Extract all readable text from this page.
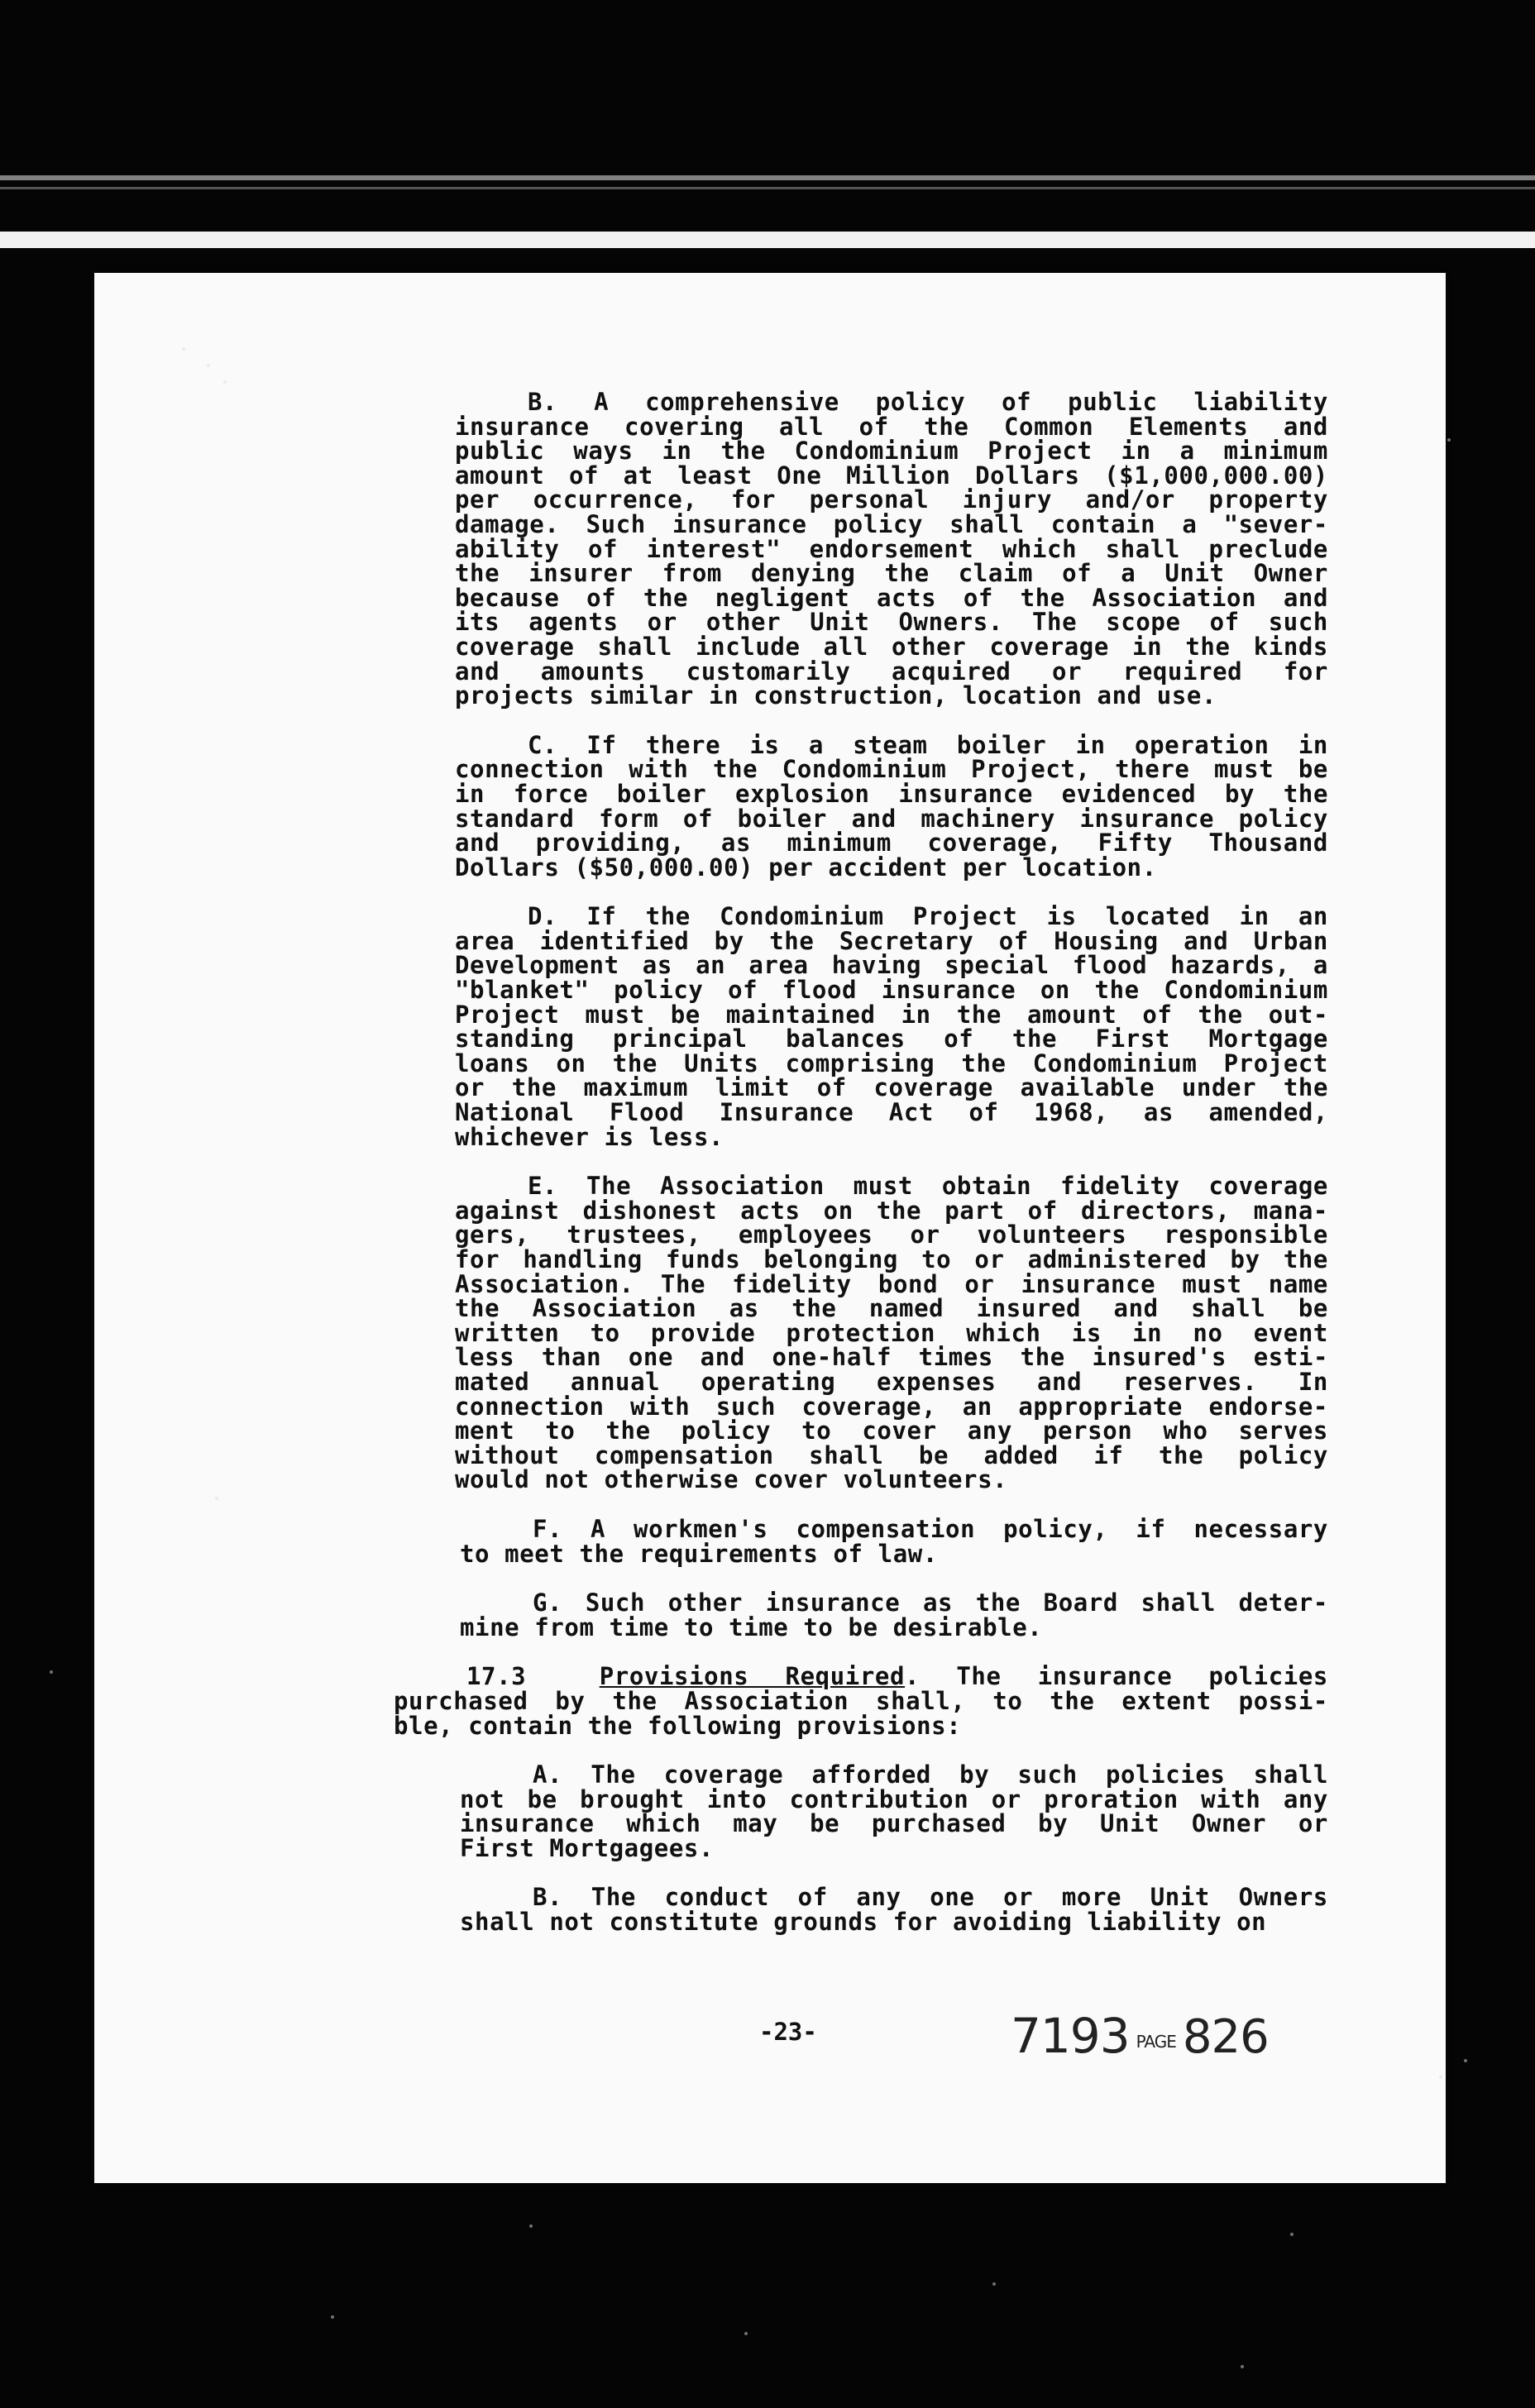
B. A comprehensive policy of public liability
insurance covering all of the Common Elements and
public ways in the Condominium Project in a minimum
amount of at least One Million Dollars ($1,000,000.00)
per occurrence, for personal injury and/or property
damage. Such insurance policy shall contain a "sever-
ability of interest" endorsement which shall preclude
the insurer from denying the claim of a Unit Owner
because of the negligent acts of the Association and
its agents or other Unit Owners. The scope of such
coverage shall include all other coverage in the kinds
and amounts customarily acquired or required for
projects similar in construction, location and use.
C. If there is a steam boiler in operation in
connection with the Condominium Project, there must be
in force boiler explosion insurance evidenced by the
standard form of boiler and machinery insurance policy
and providing, as minimum coverage, Fifty Thousand
Dollars ($50,000.00) per accident per location.
D. If the Condominium Project is located in an
area identified by the Secretary of Housing and Urban
Development as an area having special flood hazards, a
"blanket" policy of flood insurance on the Condominium
Project must be maintained in the amount of the out-
standing principal balances of the First Mortgage
loans on the Units comprising the Condominium Project
or the maximum limit of coverage available under the
National Flood Insurance Act of 1968, as amended,
whichever is less.
E. The Association must obtain fidelity coverage
against dishonest acts on the part of directors, mana-
gers, trustees, employees or volunteers responsible
for handling funds belonging to or administered by the
Association. The fidelity bond or insurance must name
the Association as the named insured and shall be
written to provide protection which is in no event
less than one and one-half times the insured's esti-
mated annual operating expenses and reserves. In
connection with such coverage, an appropriate endorse-
ment to the policy to cover any person who serves
without compensation shall be added if the policy
would not otherwise cover volunteers.
F. A workmen's compensation policy, if necessary
to meet the requirements of law.
G. Such other insurance as the Board shall deter-
mine from time to time to be desirable.
17.3	Provisions Required. The insurance policies
purchased by the Association shall, to the extent possi-
ble, contain the following provisions:
A. The coverage afforded by such policies shall
not be brought into contribution or proration with any
insurance which may be purchased by Unit Owner or
First Mortgagees.
B. The conduct of any one or more Unit Owners
shall not constitute grounds for avoiding liability on
-23-	7193 PAGE 826
